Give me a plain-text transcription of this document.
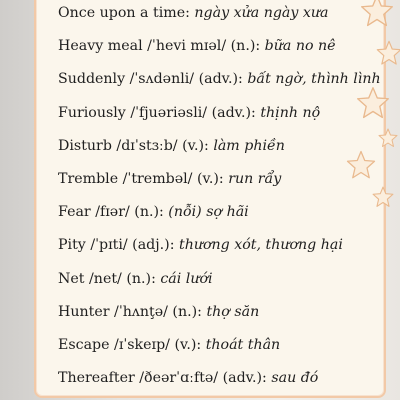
Once upon a time: ngày xửa ngày xưa
Heavy meal /ˈhevi mɪəl/ (n.): bữa no nê
Suddenly /ˈsʌdənli/ (adv.): bất ngờ, thình lình
Furiously /ˈfjuəriəsli/ (adv.): thịnh nộ
Disturb /dɪˈstɜːb/ (v.): làm phiền
Tremble /ˈtrembəl/ (v.): run rẩy
Fear /fɪər/ (n.): (nỗi) sợ hãi
Pity /ˈpɪti/ (adj.): thương xót, thương hại
Net /net/ (n.): cái lưới
Hunter /ˈhʌnţə/ (n.): thợ săn
Escape /ɪˈskeɪp/ (v.): thoát thân
Thereafter /ðeərˈɑːftə/ (adv.): sau đó
